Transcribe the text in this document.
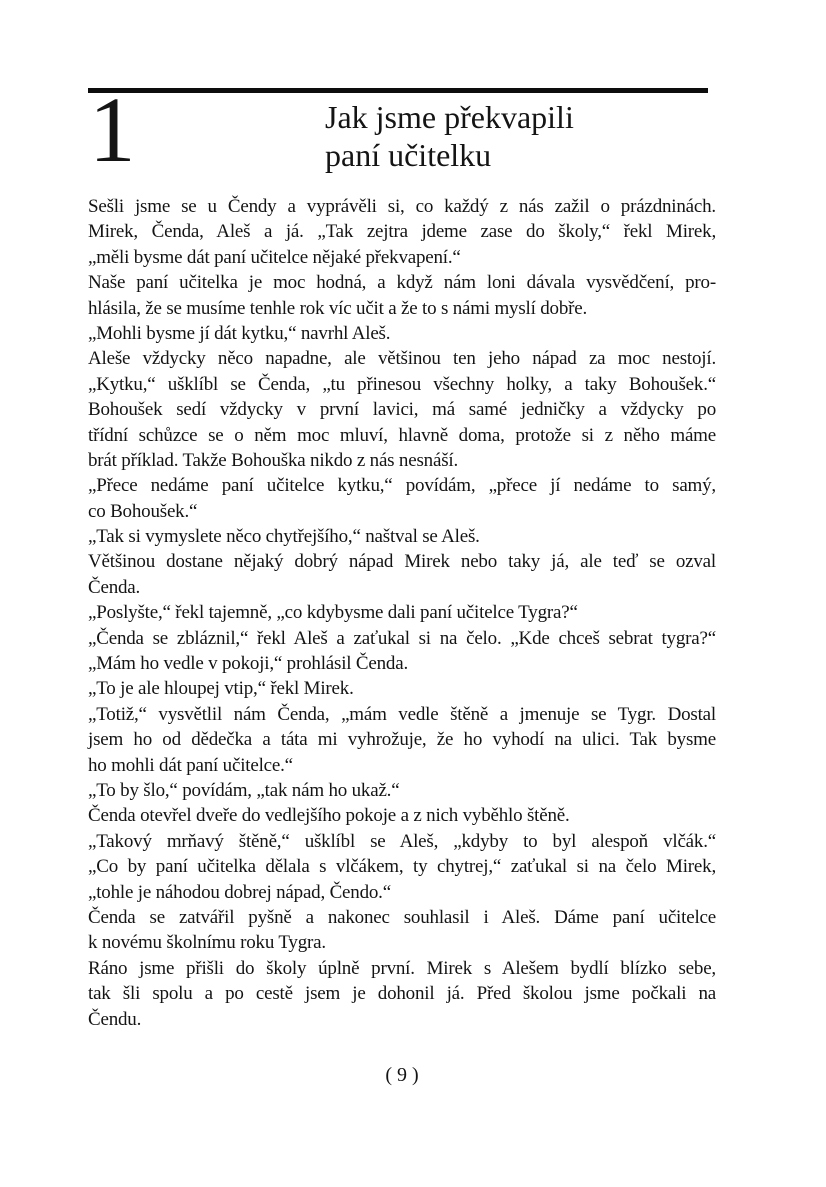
1	Jak jsme překvapili
paní učitelku
Sešli jsme se u Čendy a vyprávěli si, co každý z nás zažil o prázdninách.
Mirek, Čenda, Aleš a já. „Tak zejtra jdeme zase do školy,“ řekl Mirek,
„měli bysme dát paní učitelce nějaké překvapení.“
Naše paní učitelka je moc hodná, a když nám loni dávala vysvědčení, pro-
hlásila, že se musíme tenhle rok víc učit a že to s námi myslí dobře.
„Mohli bysme jí dát kytku,“ navrhl Aleš.
Aleše vždycky něco napadne, ale většinou ten jeho nápad za moc nestojí.
„Kytku,“ ušklíbl se Čenda, „tu přinesou všechny holky, a taky Bohoušek.“
Bohoušek sedí vždycky v první lavici, má samé jedničky a vždycky po
třídní schůzce se o něm moc mluví, hlavně doma, protože si z něho máme
brát příklad. Takže Bohouška nikdo z nás nesnáší.
„Přece nedáme paní učitelce kytku,“ povídám, „přece jí nedáme to samý,
co Bohoušek.“
„Tak si vymyslete něco chytřejšího,“ naštval se Aleš.
Většinou dostane nějaký dobrý nápad Mirek nebo taky já, ale teď se ozval
Čenda.
„Poslyšte,“ řekl tajemně, „co kdybysme dali paní učitelce Tygra?“
„Čenda se zbláznil,“ řekl Aleš a zaťukal si na čelo. „Kde chceš sebrat tygra?“
„Mám ho vedle v pokoji,“ prohlásil Čenda.
„To je ale hloupej vtip,“ řekl Mirek.
„Totiž,“ vysvětlil nám Čenda, „mám vedle štěně a jmenuje se Tygr. Dostal
jsem ho od dědečka a táta mi vyhrožuje, že ho vyhodí na ulici. Tak bysme
ho mohli dát paní učitelce.“
„To by šlo,“ povídám, „tak nám ho ukaž.“
Čenda otevřel dveře do vedlejšího pokoje a z nich vyběhlo štěně.
„Takový mrňavý štěně,“ ušklíbl se Aleš, „kdyby to byl alespoň vlčák.“
„Co by paní učitelka dělala s vlčákem, ty chytrej,“ zaťukal si na čelo Mirek,
„tohle je náhodou dobrej nápad, Čendo.“
Čenda se zatvářil pyšně a nakonec souhlasil i Aleš. Dáme paní učitelce
k novému školnímu roku Tygra.
Ráno jsme přišli do školy úplně první. Mirek s Alešem bydlí blízko sebe,
tak šli spolu a po cestě jsem je dohonil já. Před školou jsme počkali na
Čendu.
( 9 )
